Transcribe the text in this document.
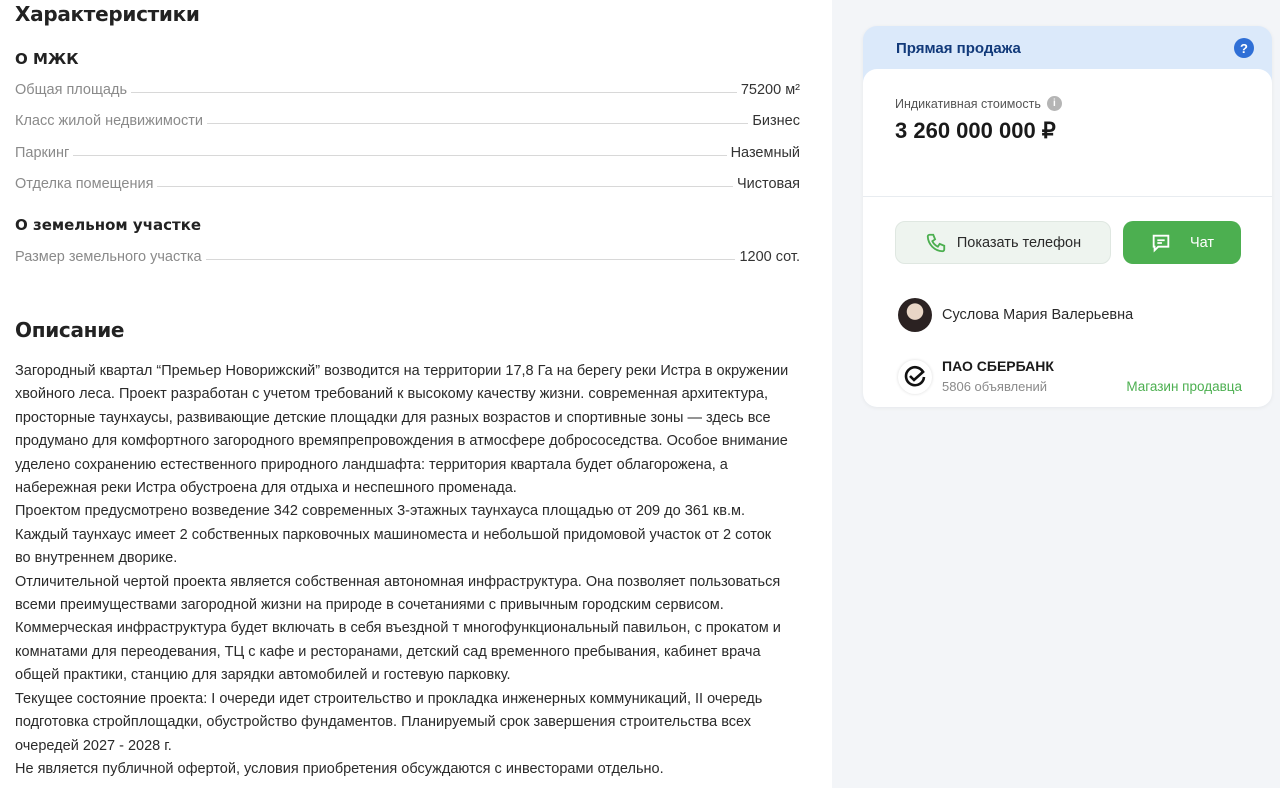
Характеристики
О МЖК
Общая площадь	75200 м²
Класс жилой недвижимости	Бизнес
Паркинг	Наземный
Отделка помещения	Чистовая
О земельном участке
Размер земельного участка	1200 сот.
Описание
Загородный квартал “Премьер Новорижский” возводится на территории 17,8 Га на берегу реки Истра в окружении
хвойного леса. Проект разработан с учетом требований к высокому качеству жизни. современная архитектура,
просторные таунхаусы, развивающие детские площадки для разных возрастов и спортивные зоны — здесь все
продумано для комфортного загородного времяпрепровождения в атмосфере добрососедства. Особое внимание
уделено сохранению естественного природного ландшафта: территория квартала будет облагорожена, а
набережная реки Истра обустроена для отдыха и неспешного променада.
Проектом предусмотрено возведение 342 современных 3-этажных таунхауса площадью от 209 до 361 кв.м.
Каждый таунхаус имеет 2 собственных парковочных машиноместа и небольшой придомовой участок от 2 соток
во внутреннем дворике.
Отличительной чертой проекта является собственная автономная инфраструктура. Она позволяет пользоваться
всеми преимуществами загородной жизни на природе в сочетаниями с привычным городским сервисом.
Коммерческая инфраструктура будет включать в себя въездной т многофункциональный павильон, с прокатом и
комнатами для переодевания, ТЦ с кафе и ресторанами, детский сад временного пребывания, кабинет врача
общей практики, станцию для зарядки автомобилей и гостевую парковку.
Текущее состояние проекта: I очереди идет строительство и прокладка инженерных коммуникаций, II очередь
подготовка стройплощадки, обустройство фундаментов. Планируемый срок завершения строительства всех
очередей 2027 - 2028 г.
Не является публичной офертой, условия приобретения обсуждаются с инвесторами отдельно.
Прямая продажа	?
Индикативная стоимость	i
3 260 000 000 ₽
Показать телефон	Чат
Суслова Мария Валерьевна
ПАО СБЕРБАНК
5806 объявлений	Магазин продавца
